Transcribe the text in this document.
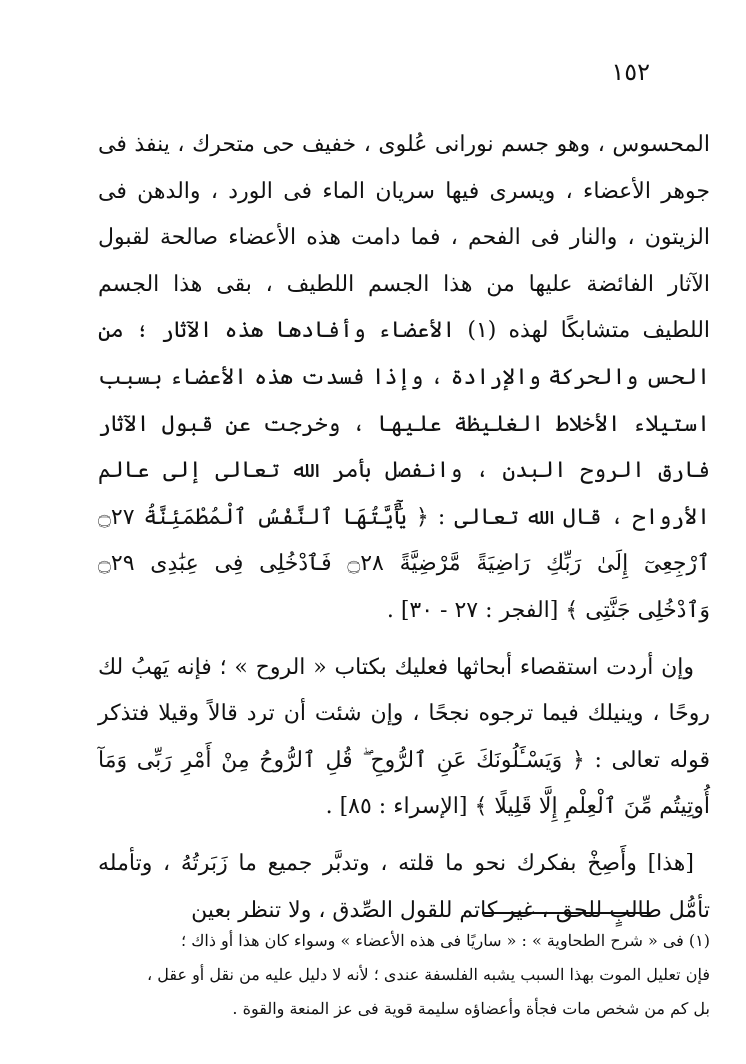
١٥٢

المحسوس ، وهو جسم نورانى عُلوى ، خفيف حى متحرك ، ينفذ فى جوهر الأعضاء ، ويسرى فيها سريان الماء فى الورد ، والدهن فى الزيتون ، والنار فى الفحم ، فما دامت هذه الأعضاء صالحة لقبول الآثار الفائضة عليها من هذا الجسم اللطيف ، بقى هذا الجسم اللطيف متشابكًا لهذه (١) الأعضاء وأفادها هذه الآثار ؛ من الحس والحركة والإرادة ، وإذا فسدت هذه الأعضاء بسبب استيلاء الأخلاط الغليظة عليها ، وخرجت عن قبول الآثار فارق الروح البدن ، وانفصل بأمر الله تعالى إلى عالم الأرواح ، قال الله تعالى : ﴿ يَٰٓأَيَّتُهَا ٱلنَّفْسُ ٱلْمُطْمَئِنَّةُ ۝٢٧ ٱرْجِعِىٓ إِلَىٰ رَبِّكِ رَاضِيَةً مَّرْضِيَّةً ۝٢٨ فَٱدْخُلِى فِى عِبَٰدِى ۝٢٩ وَٱدْخُلِى جَنَّتِى ﴾ [الفجر : ٢٧ - ٣٠] .

وإن أردت استقصاء أبحاثها فعليك بكتاب « الروح » ؛ فإنه يَهبُ لك روحًا ، وينيلك فيما ترجوه نجحًا ، وإن شئت أن ترد قالاً وقيلا فتذكر قوله تعالى : ﴿ وَيَسْـَٔلُونَكَ عَنِ ٱلرُّوحِ ۖ قُلِ ٱلرُّوحُ مِنْ أَمْرِ رَبِّى وَمَآ أُوتِيتُم مِّنَ ٱلْعِلْمِ إِلَّا قَلِيلًا ﴾ [الإسراء : ٨٥] .

[هذا] وأَصِخْ بفكرك نحو ما قلته ، وتدبَّر جميع ما زَبَرتُهُ ، وتأمله تأمُّل طالبٍ للحق ، غير كاتم للقول الصِّدق ، ولا تنظر بعين

(١) فى « شرح الطحاوية » : « ساريًا فى هذه الأعضاء » وسواء كان هذا أو ذاك ؛

فإن تعليل الموت بهذا السبب يشبه الفلسفة عندى ؛ لأنه لا دليل عليه من نقل أو عقل ،

بل كم من شخص مات فجأة وأعضاؤه سليمة قوية فى عز المنعة والقوة .
